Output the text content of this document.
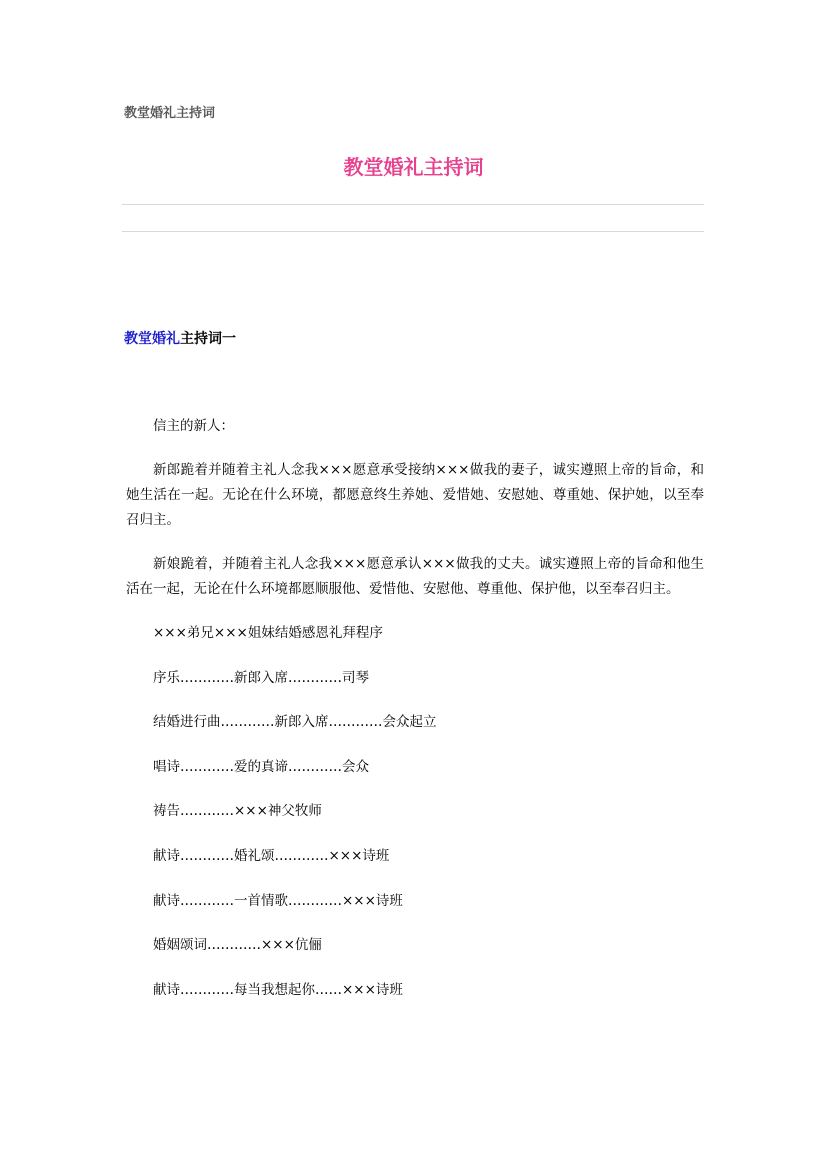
教堂婚礼主持词
教堂婚礼主持词
教堂婚礼主持词一

信主的新人：

新郎跪着并随着主礼人念我×××愿意承受接纳×××做我的妻子，诚实遵照上帝的旨命，和她生活在一起。无论在什么环境，都愿意终生养她、爱惜她、安慰她、尊重她、保护她，以至奉召归主。

新娘跪着，并随着主礼人念我×××愿意承认×××做我的丈夫。诚实遵照上帝的旨命和他生活在一起，无论在什么环境都愿顺服他、爱惜他、安慰他、尊重他、保护他，以至奉召归主。

×××弟兄×××姐妹结婚感恩礼拜程序

序乐…………新郎入席…………司琴

结婚进行曲…………新郎入席…………会众起立

唱诗…………爱的真谛…………会众

祷告…………×××神父牧师

献诗…………婚礼颂…………×××诗班

献诗…………一首情歌…………×××诗班

婚姻颂词…………×××伉俪

献诗…………每当我想起你……×××诗班
